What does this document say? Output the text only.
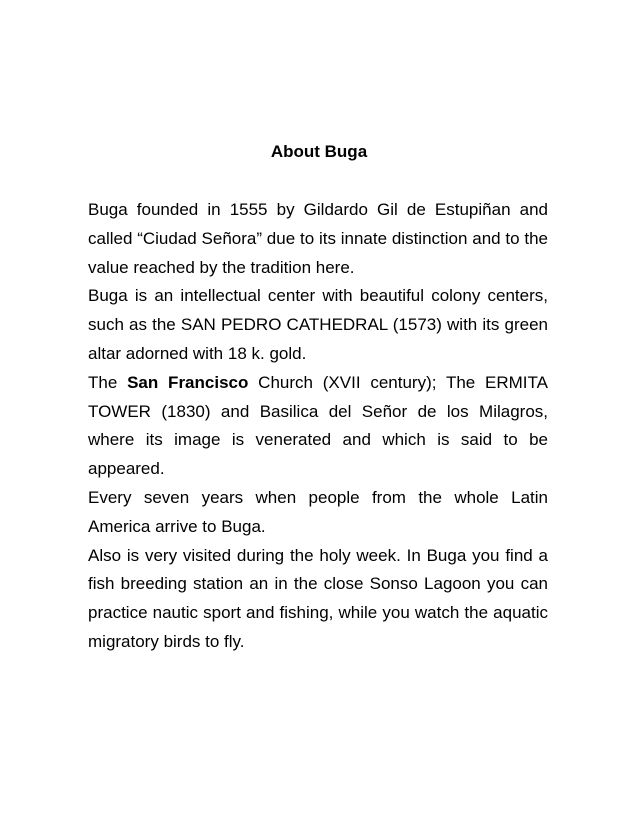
About Buga

Buga founded in 1555 by Gildardo Gil de Estupiñan and called “Ciudad Señora” due to its innate distinction and to the value reached by the tradition here.

Buga is an intellectual center with beautiful colony centers, such as the SAN PEDRO CATHEDRAL (1573) with its green altar adorned with 18 k. gold.

The San Francisco Church (XVII century); The ERMITA TOWER (1830) and Basilica del Señor de los Milagros, where its image is venerated and which is said to be appeared.

Every seven years when people from the whole Latin America arrive to Buga.

Also is very visited during the holy week. In Buga you find a fish breeding station an in the close Sonso Lagoon you can practice nautic sport and fishing, while you watch the aquatic migratory birds to fly.
